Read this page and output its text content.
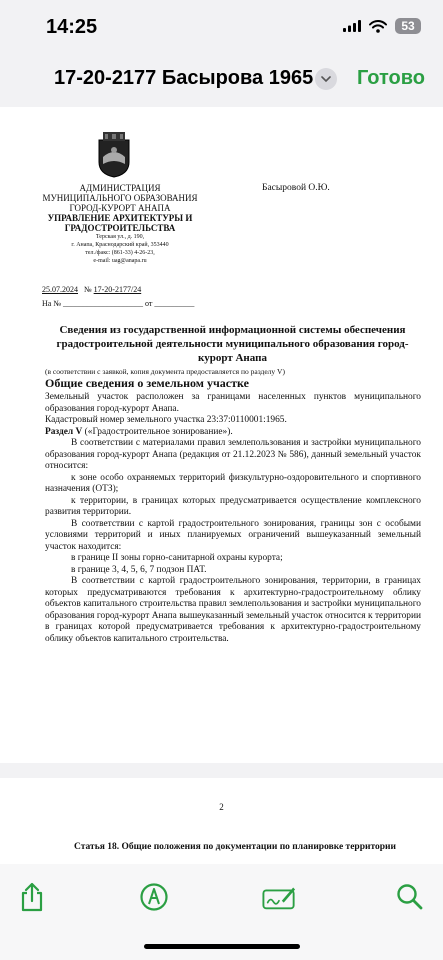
14:25	53
17-20-2177 Басырова 1965 Готово
АДМИНИСТРАЦИЯ
МУНИЦИПАЛЬНОГО ОБРАЗОВАНИЯ
ГОРОД-КУРОРТ АНАПА
УПРАВЛЕНИЕ АРХИТЕКТУРЫ И
ГРАДОСТРОИТЕЛЬСТВА
Терская ул., д. 190,
г. Анапа, Краснодарский край, 353440
тел./факс: (861-33) 4-26-23,
e-mail: uag@anapa.ru
Басыровой О.Ю.
25.07.2024 № 17-20-2177/24
На № ____________________ от __________
Сведения из государственной информационной системы обеспечения градостроительной деятельности муниципального образования город-курорт Анапа
(в соответствии с заявкой, копия документа предоставляется по разделу V)
Общие сведения о земельном участке

Земельный участок расположен за границами населенных пунктов муниципального образования город-курорт Анапа.

Кадастровый номер земельного участка 23:37:0110001:1965.

Раздел V («Градостроительное зонирование»).

В соответствии с материалами правил землепользования и застройки муниципального образования город-курорт Анапа (редакция от 21.12.2023 № 586), данный земельный участок относится:

к зоне особо охраняемых территорий физкультурно-оздоровительного и спортивного назначения (ОТЗ);

к территории, в границах которых предусматривается осуществление комплексного развития территории.

В соответствии с картой градостроительного зонирования, границы зон с особыми условиями территорий и иных планируемых ограничений вышеуказанный земельный участок находится:

в границе II зоны горно-санитарной охраны курорта;

в границе 3, 4, 5, 6, 7 подзон ПАТ.

В соответствии с картой градостроительного зонирования, территории, в границах которых предусматриваются требования к архитектурно-градостроительному облику объектов капитального строительства правил землепользования и застройки муниципального образования город-курорт Анапа вышеуказанный земельный участок относится к территории в границах которой предусматривается требования к архитектурно-градостроительному облику объектов капитального строительства.

2
Статья 18. Общие положения по документации по планировке территории
